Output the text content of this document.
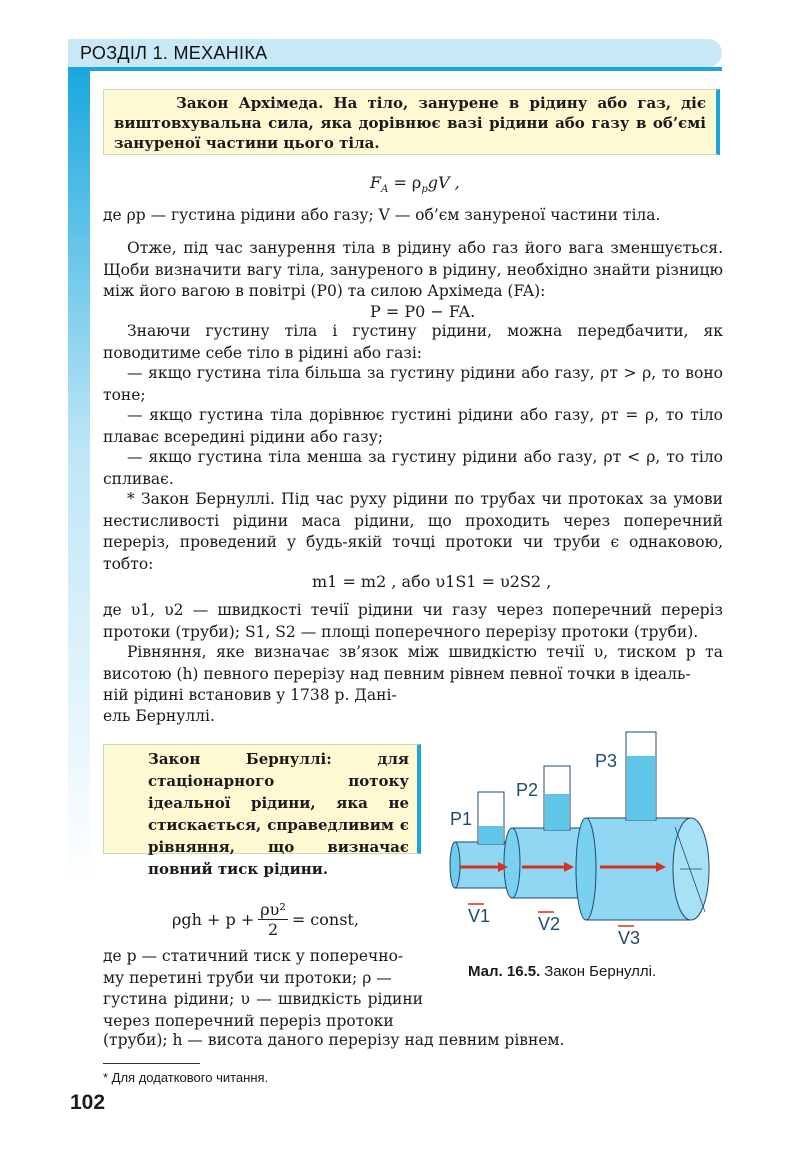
РОЗДІЛ 1. МЕХАНІКА

Закон Архімеда. На тіло, занурене в рідину або газ, діє виштовхувальна сила, яка дорівнює вазі рідини або газу в об’ємі зануреної частини цього тіла.

$F_A = \rho_рgV$ ,

де ρр — густина рідини або газу; V — об’єм зануреної частини тіла.

Отже, під час занурення тіла в рідину або газ його вага зменшується. Щоби визначити вагу тіла, зануреного в рідину, необхідно знайти різницю між його вагою в повітрі (P0) та силою Архімеда (FA):

P = P0 − FA.

Знаючи густину тіла і густину рідини, можна передбачити, як поводитиме себе тіло в рідині або газі:

— якщо густина тіла більша за густину рідини або газу, ρт > ρ, то воно тоне;

— якщо густина тіла дорівнює густині рідини або газу, ρт = ρ, то тіло плаває всередині рідини або газу;

— якщо густина тіла менша за густину рідини або газу, ρт < ρ, то тіло спливає.

* Закон Бернуллі. Під час руху рідини по трубах чи протоках за умови нестисливості рідини маса рідини, що проходить через поперечний переріз, проведений у будь-якій точці протоки чи труби є однаковою, тобто:

m1 = m2 , або υ1S1 = υ2S2 ,

де υ1, υ2 — швидкості течії рідини чи газу через поперечний переріз протоки (труби); S1, S2 — площі поперечного перерізу протоки (труби).

Рівняння, яке визначає зв’язок між швидкістю течії υ, тиском p та висотою (h) певного перерізу над певним рівнем певної точки в ідеаль-

ній рідині встановив у 1738 р. Дані-

ель Бернуллі.

Закон Бернуллі: для стаціонарного потоку ідеальної рідини, яка не стискається, справедливим є рівняння, що визначає повний тиск рідини.

$\rho gh + p + \frac{\text{ρυ²}}{2}$ = const,

де p — статичний тиск у поперечно-
му перетині труби чи протоки; ρ —
густина рідини; υ — швидкість рідини через поперечний переріз протоки

(труби); h — висота даного перерізу над певним рівнем.

P1
P2
P3
V1	V2
V3
Мал. 16.5. Закон Бернуллі.
* Для додаткового читання.
102
